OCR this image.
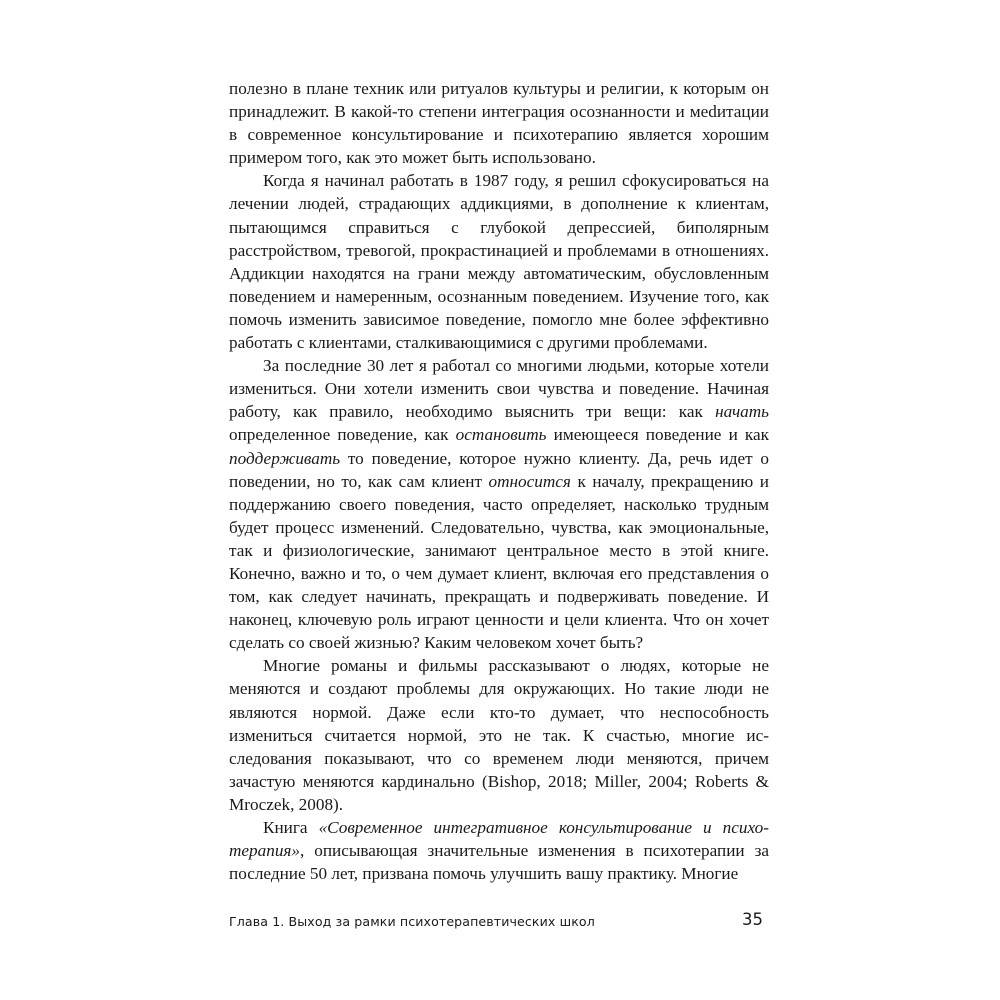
полезно в плане техник или ритуалов культуры и религии, к которым он принадлежит. В какой-то степени интеграция осознанности и меdитации в современное консультирование и психотерапию является хорошим примером того, как это может быть использовано.

Когда я начинал работать в 1987 году, я решил сфокусироваться на лечении людей, страдающих аддикциями, в дополнение к клиентам, пытающимся справиться с глубокой депрессией, биполярным расстройством, тревогой, прокрастинацией и проблемами в отношениях. Аддикции находятся на грани между автоматическим, обусловленным поведением и намеренным, осознанным поведением. Изучение того, как помочь изменить зависимое поведение, помогло мне более эффективно работать с клиентами, сталкивающимися с другими проблемами.

За последние 30 лет я работал со многими людьми, которые хотели измениться. Они хотели изменить свои чувства и поведение. Начиная работу, как правило, необходимо выяснить три вещи: как начать определенное поведение, как остановить имеющееся поведение и как поддерживать то поведение, которое нужно клиенту. Да, речь идет о поведении, но то, как сам клиент относится к началу, прекращению и поддержанию своего поведения, часто определяет, насколько трудным будет процесс изменений. Следовательно, чувства, как эмоциональные, так и физиологические, занимают центральное место в этой книге. Конечно, важно и то, о чем думает клиент, включая его представления о том, как следует начинать, прекращать и подверживать поведение. И наконец, ключевую роль играют ценности и цели клиента. Что он хочет сделать со своей жизнью? Каким человеком хочет быть?

Многие романы и фильмы рассказывают о людях, которые не меняются и создают проблемы для окружающих. Но такие люди не являются нормой. Даже если кто-то думает, что неспособность измениться считается нормой, это не так. К счастью, многие исследования показывают, что со временем люди меняются, причем зачастую меняются кардинально (Bishop, 2018; Miller, 2004; Roberts & Mroczek, 2008).

Книга «Современное интегративное консультирование и психотерапия», описывающая значительные изменения в психотерапии за последние 50 лет, призвана помочь улучшить вашу практику. Многие

Глава 1. Выход за рамки психотерапевтических школ	35
